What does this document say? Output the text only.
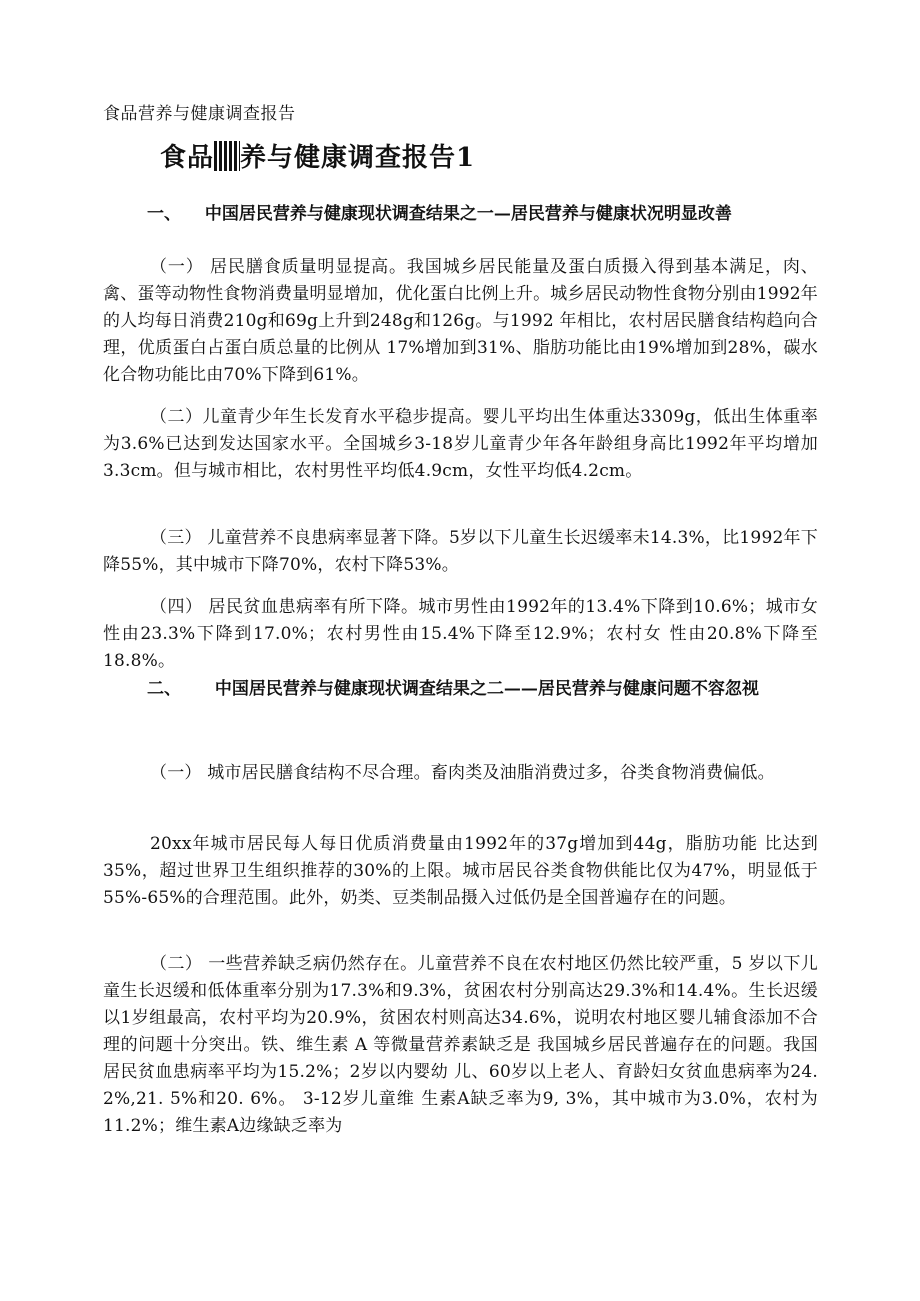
食品营养与健康调查报告
食品 养与健康调查报告1
一、 中国居民营养与健康现状调查结果之一—居民营养与健康状况明显改善

（一） 居民膳食质量明显提高。我国城乡居民能量及蛋白质摄入得到基本满足，肉、禽、蛋等动物性食物消费量明显增加，优化蛋白比例上升。城乡居民动物性食物分别由1992年的人均每日消费210g和69g上升到248g和126g。与1992 年相比，农村居民膳食结构趋向合理，优质蛋白占蛋白质总量的比例从 17%增加到31%、脂肪功能比由19%增加到28%，碳水化合物功能比由70%下降到61%。

（二）儿童青少年生长发育水平稳步提高。婴儿平均出生体重达3309g，低出生体重率为3.6%已达到发达国家水平。全国城乡3-18岁儿童青少年各年龄组身高比1992年平均增加3.3cm。但与城市相比，农村男性平均低4.9cm，女性平均低4.2cm。

（三） 儿童营养不良患病率显著下降。5岁以下儿童生长迟缓率未14.3%，比1992年下降55%，其中城市下降70%，农村下降53%。

（四） 居民贫血患病率有所下降。城市男性由1992年的13.4%下降到10.6%；城市女性由23.3%下降到17.0%；农村男性由15.4%下降至12.9%；农村女 性由20.8%下降至18.8%。

二、 中国居民营养与健康现状调查结果之二——居民营养与健康问题不容忽视

（一） 城市居民膳食结构不尽合理。畜肉类及油脂消费过多，谷类食物消费偏低。

20xx年城市居民每人每日优质消费量由1992年的37g增加到44g，脂肪功能 比达到35%，超过世界卫生组织推荐的30%的上限。城市居民谷类食物供能比仅为47%，明显低于 55%-65%的合理范围。此外，奶类、豆类制品摄入过低仍是全国普遍存在的问题。

（二） 一些营养缺乏病仍然存在。儿童营养不良在农村地区仍然比较严重，5 岁以下儿童生长迟缓和低体重率分别为17.3%和9.3%，贫困农村分别高达29.3%和14.4%。生长迟缓以1岁组最高，农村平均为20.9%，贫困农村则高达34.6%，说明农村地区婴儿辅食添加不合理的问题十分突出。铁、维生素 A 等微量营养素缺乏是 我国城乡居民普遍存在的问题。我国居民贫血患病率平均为15.2%；2岁以内婴幼 儿、60岁以上老人、育龄妇女贫血患病率为24. 2%,21. 5%和20. 6%。 3-12岁儿童维 生素A缺乏率为9, 3%，其中城市为3.0%，农村为11.2%；维生素A边缘缺乏率为
